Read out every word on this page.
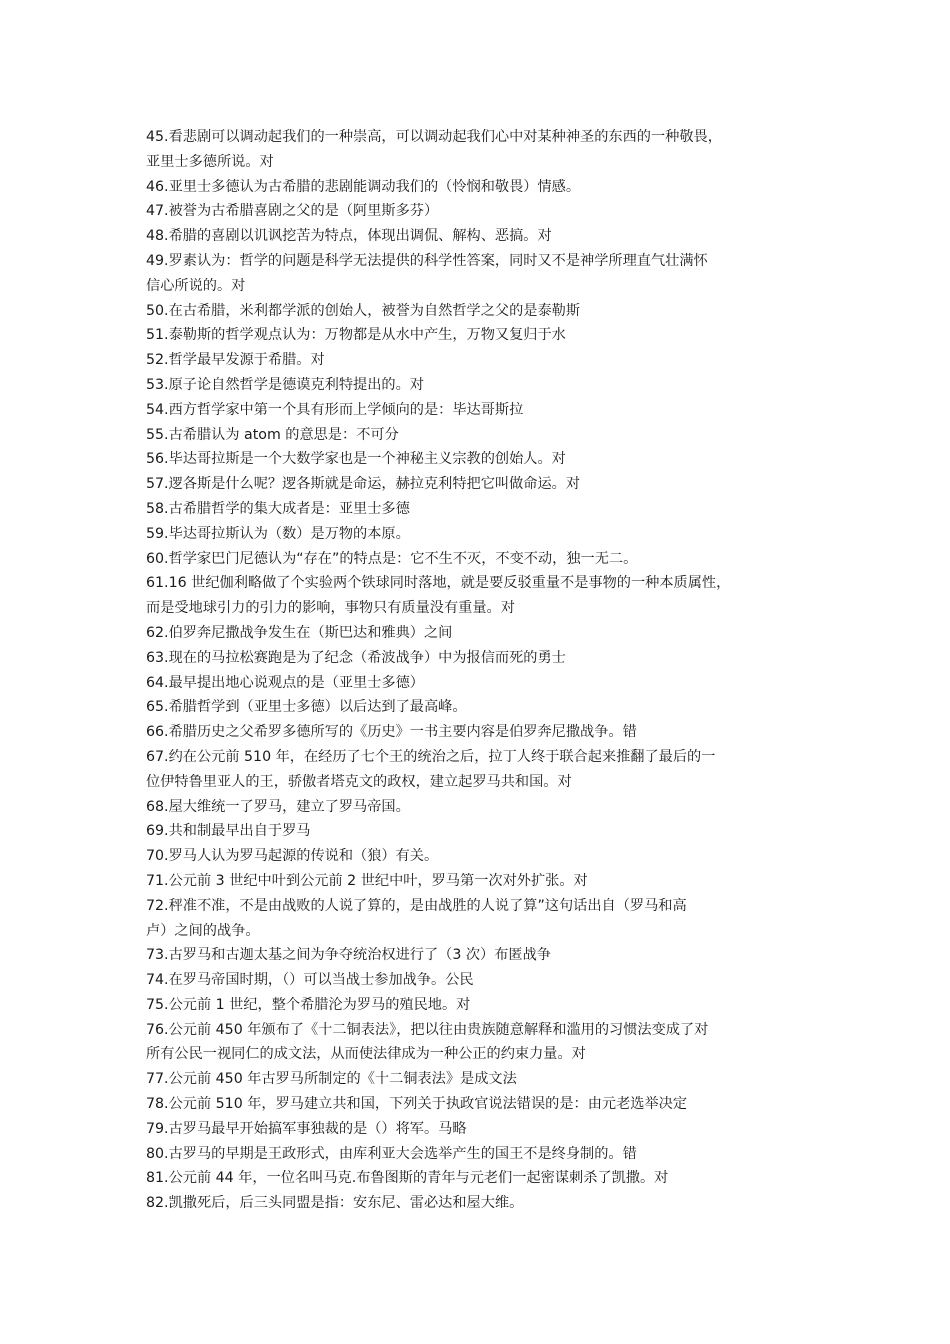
45.看悲剧可以调动起我们的一种崇高，可以调动起我们心中对某种神圣的东西的一种敬畏，
亚里士多德所说。对
46.亚里士多德认为古希腊的悲剧能调动我们的（怜悯和敬畏）情感。
47.被誉为古希腊喜剧之父的是（阿里斯多芬）
48.希腊的喜剧以讥讽挖苦为特点，体现出调侃、解构、恶搞。对
49.罗素认为：哲学的问题是科学无法提供的科学性答案，同时又不是神学所理直气壮满怀
信心所说的。对
50.在古希腊，米利都学派的创始人，被誉为自然哲学之父的是泰勒斯
51.泰勒斯的哲学观点认为：万物都是从水中产生，万物又复归于水
52.哲学最早发源于希腊。对
53.原子论自然哲学是德谟克利特提出的。对
54.西方哲学家中第一个具有形而上学倾向的是：毕达哥斯拉
55.古希腊认为 atom 的意思是：不可分
56.毕达哥拉斯是一个大数学家也是一个神秘主义宗教的创始人。对
57.逻各斯是什么呢？逻各斯就是命运，赫拉克利特把它叫做命运。对
58.古希腊哲学的集大成者是：亚里士多德
59.毕达哥拉斯认为（数）是万物的本原。
60.哲学家巴门尼德认为“存在”的特点是：它不生不灭，不变不动，独一无二。
61.16 世纪伽利略做了个实验两个铁球同时落地，就是要反驳重量不是事物的一种本质属性，
而是受地球引力的引力的影响，事物只有质量没有重量。对
62.伯罗奔尼撒战争发生在（斯巴达和雅典）之间
63.现在的马拉松赛跑是为了纪念（希波战争）中为报信而死的勇士
64.最早提出地心说观点的是（亚里士多德）
65.希腊哲学到（亚里士多德）以后达到了最高峰。
66.希腊历史之父希罗多德所写的《历史》一书主要内容是伯罗奔尼撒战争。错
67.约在公元前 510 年，在经历了七个王的统治之后，拉丁人终于联合起来推翻了最后的一
位伊特鲁里亚人的王，骄傲者塔克文的政权，建立起罗马共和国。对
68.屋大维统一了罗马，建立了罗马帝国。
69.共和制最早出自于罗马
70.罗马人认为罗马起源的传说和（狼）有关。
71.公元前 3 世纪中叶到公元前 2 世纪中叶，罗马第一次对外扩张。对
72.秤准不准，不是由战败的人说了算的，是由战胜的人说了算”这句话出自（罗马和高
卢）之间的战争。
73.古罗马和古迦太基之间为争夺统治权进行了（3 次）布匿战争
74.在罗马帝国时期，（）可以当战士参加战争。公民
75.公元前 1 世纪，整个希腊沦为罗马的殖民地。对
76.公元前 450 年颁布了《十二铜表法》，把以往由贵族随意解释和滥用的习惯法变成了对
所有公民一视同仁的成文法，从而使法律成为一种公正的约束力量。对
77.公元前 450 年古罗马所制定的《十二铜表法》是成文法
78.公元前 510 年，罗马建立共和国，下列关于执政官说法错误的是：由元老选举决定
79.古罗马最早开始搞军事独裁的是（）将军。马略
80.古罗马的早期是王政形式，由库利亚大会选举产生的国王不是终身制的。错
81.公元前 44 年，一位名叫马克.布鲁图斯的青年与元老们一起密谋刺杀了凯撒。对
82.凯撒死后，后三头同盟是指：安东尼、雷必达和屋大维。
